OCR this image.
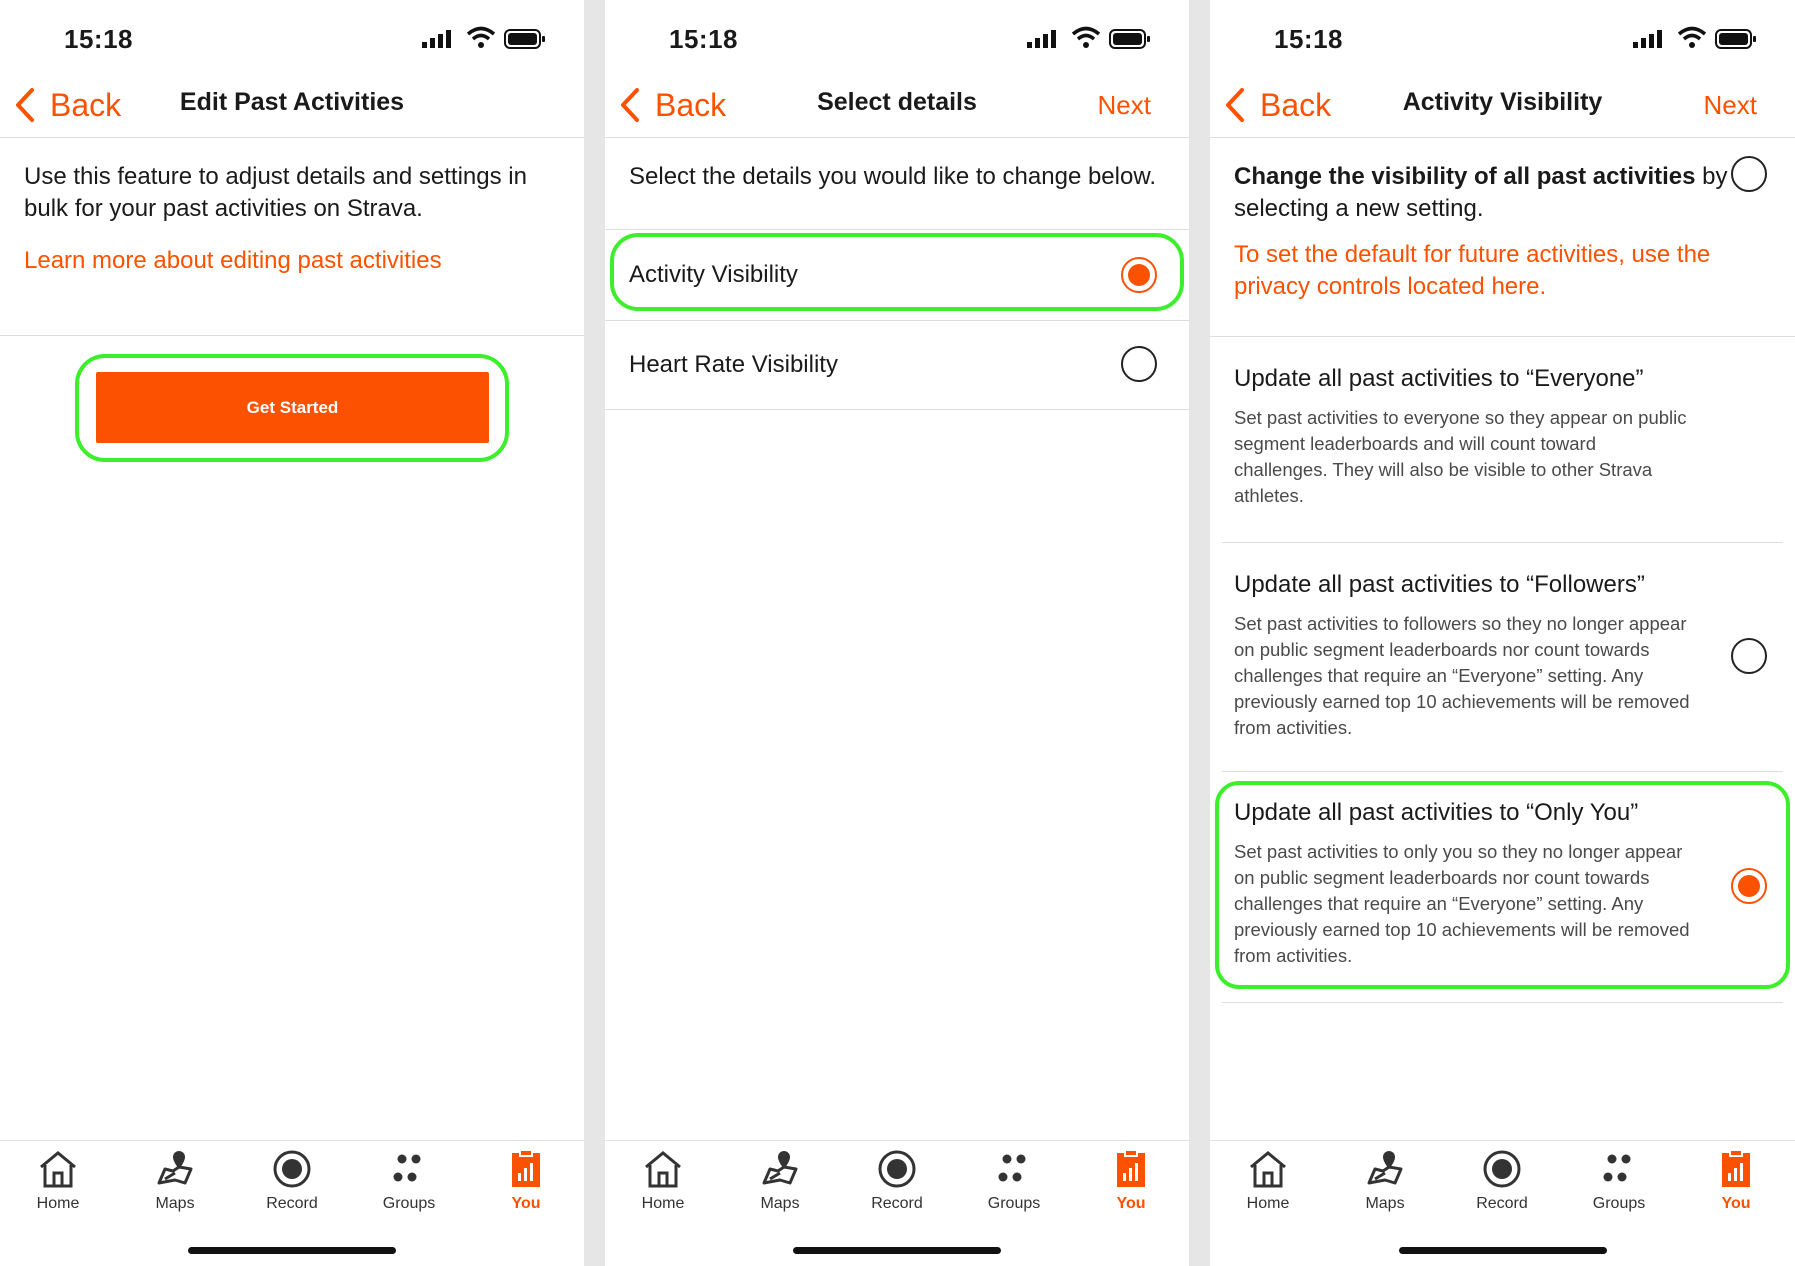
15:18
Back	Edit Past Activities
Use this feature to adjust details and settings in bulk for your past activities on Strava.
Learn more about editing past activities
Get Started
Home	Maps	Record	Groups	You
15:18
Back	Select details	Next
Select the details you would like to change below.
Activity Visibility
Heart Rate Visibility
Home	Maps	Record	Groups	You
15:18
Back	Activity Visibility	Next
Change the visibility of all past activities by selecting a new setting.
To set the default for future activities, use the privacy controls located here.
Update all past activities to “Everyone”
Set past activities to everyone so they appear on public segment leaderboards and will count toward challenges. They will also be visible to other Strava athletes.
Update all past activities to “Followers”
Set past activities to followers so they no longer appear on public segment leaderboards nor count towards challenges that require an “Everyone” setting. Any previously earned top 10 achievements will be removed from activities.
Update all past activities to “Only You”
Set past activities to only you so they no longer appear on public segment leaderboards nor count towards challenges that require an “Everyone” setting. Any previously earned top 10 achievements will be removed from activities.
Home	Maps	Record	Groups	You
